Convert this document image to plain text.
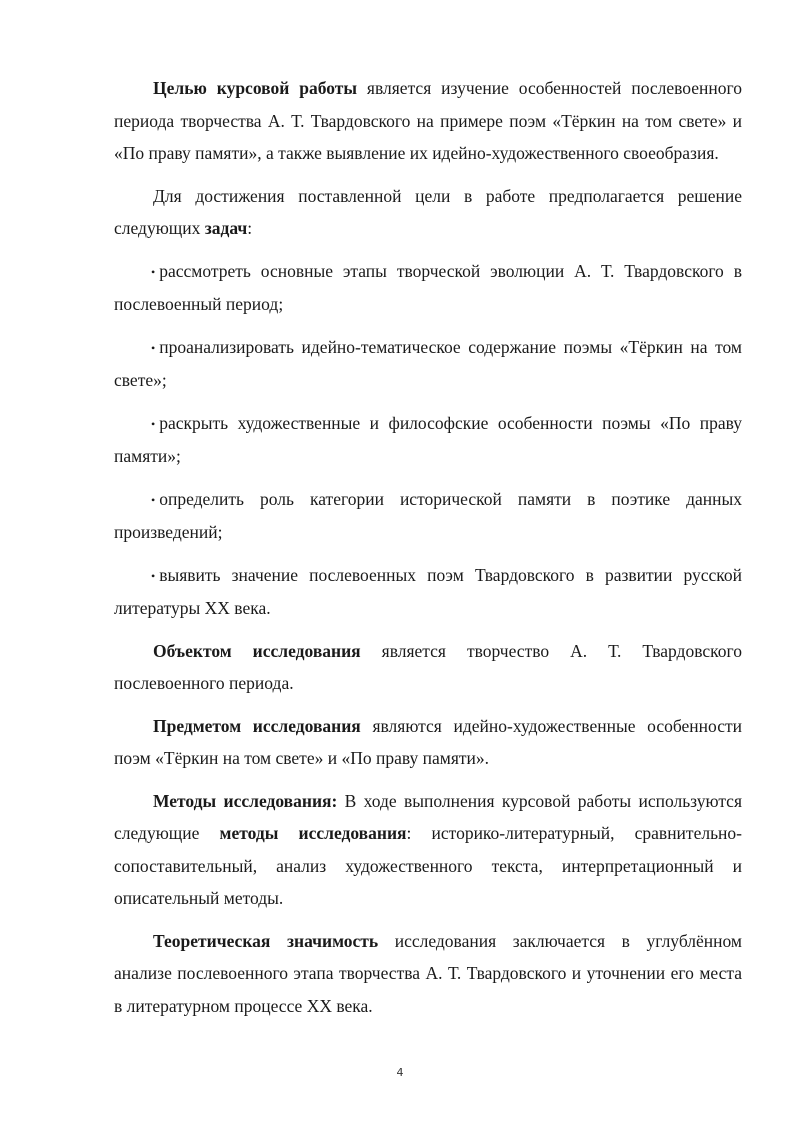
Целью курсовой работы является изучение особенностей послевоенного периода творчества А. Т. Твардовского на примере поэм «Тёркин на том свете» и «По праву памяти», а также выявление их идейно-художественного своеобразия.

Для достижения поставленной цели в работе предполагается решение следующих задач:

• рассмотреть основные этапы творческой эволюции А. Т. Твардовского в послевоенный период;

• проанализировать идейно-тематическое содержание поэмы «Тёркин на том свете»;

• раскрыть художественные и философские особенности поэмы «По праву памяти»;

• определить роль категории исторической памяти в поэтике данных произведений;

• выявить значение послевоенных поэм Твардовского в развитии русской литературы XX века.

Объектом исследования является творчество А. Т. Твардовского послевоенного периода.

Предметом исследования являются идейно-художественные особенности поэм «Тёркин на том свете» и «По праву памяти».

Методы исследования: В ходе выполнения курсовой работы используются следующие методы исследования: историко-литературный, сравнительно-сопоставительный, анализ художественного текста, интерпретационный и описательный методы.

Теоретическая значимость исследования заключается в углублённом анализе послевоенного этапа творчества А. Т. Твардовского и уточнении его места в литературном процессе XX века.

4
